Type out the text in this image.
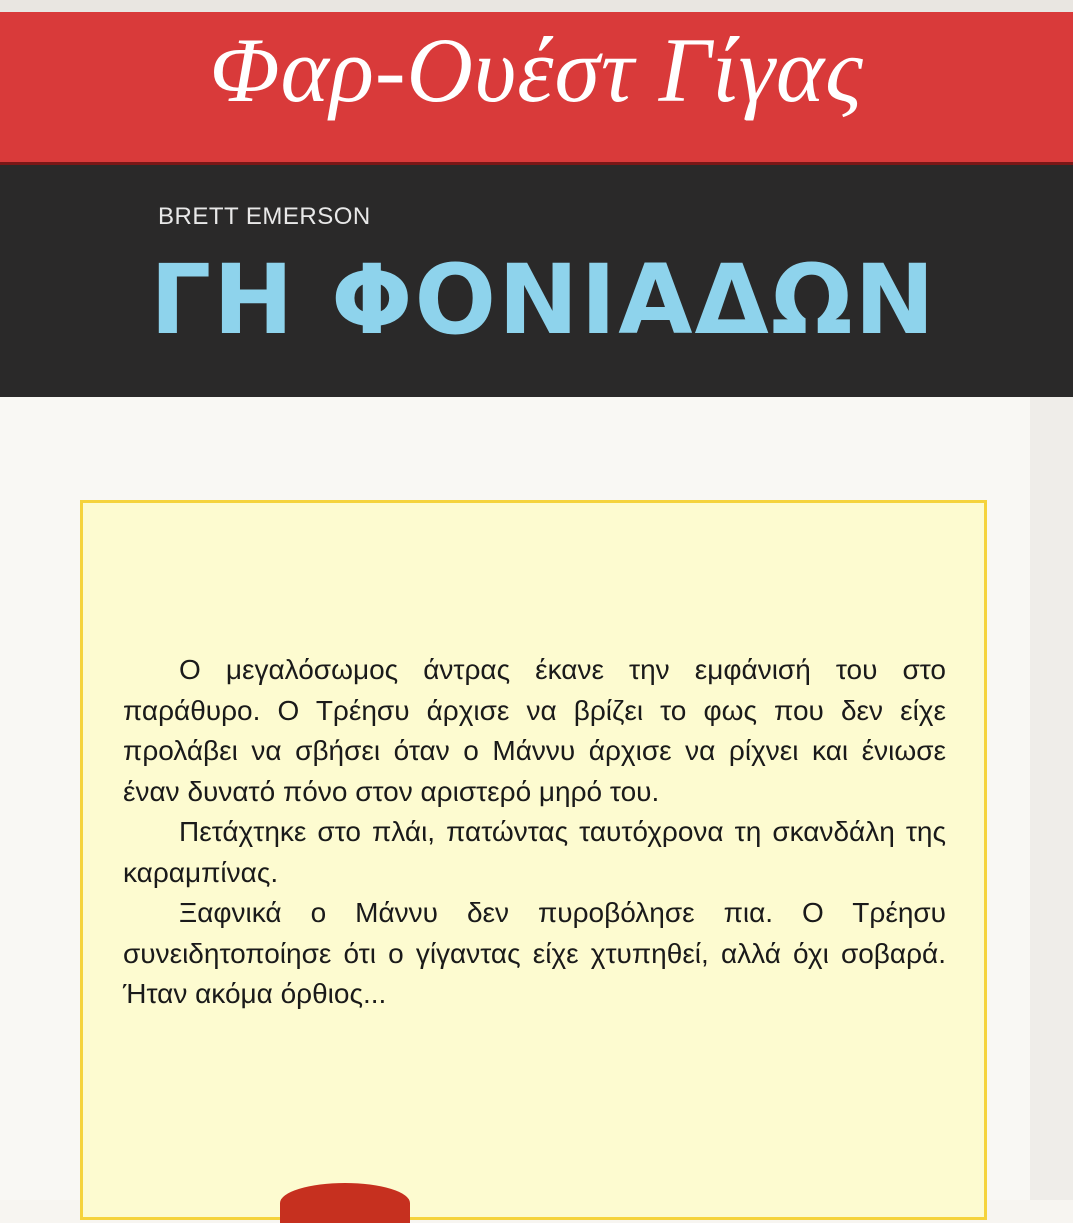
Φαρ-Ουέστ Γίγας
BRETT EMERSON
ΓΗ ΦΟΝΙΑΔΩΝ

Ο μεγαλόσωμος άντρας έκανε την εμφάνισή του στο παράθυρο. Ο Τρέησυ άρχισε να βρίζει το φως που δεν είχε προλάβει να σβήσει όταν ο Μάννυ άρχισε να ρίχνει και ένιωσε έναν δυνατό πόνο στον αριστερό μηρό του.

Πετάχτηκε στο πλάι, πατώντας ταυτόχρονα τη σκανδάλη της καραμπίνας.

Ξαφνικά ο Μάννυ δεν πυροβόλησε πια. Ο Τρέησυ συνειδητοποίησε ότι ο γίγαντας είχε χτυπηθεί, αλλά όχι σοβαρά. Ήταν ακόμα όρθιος...
